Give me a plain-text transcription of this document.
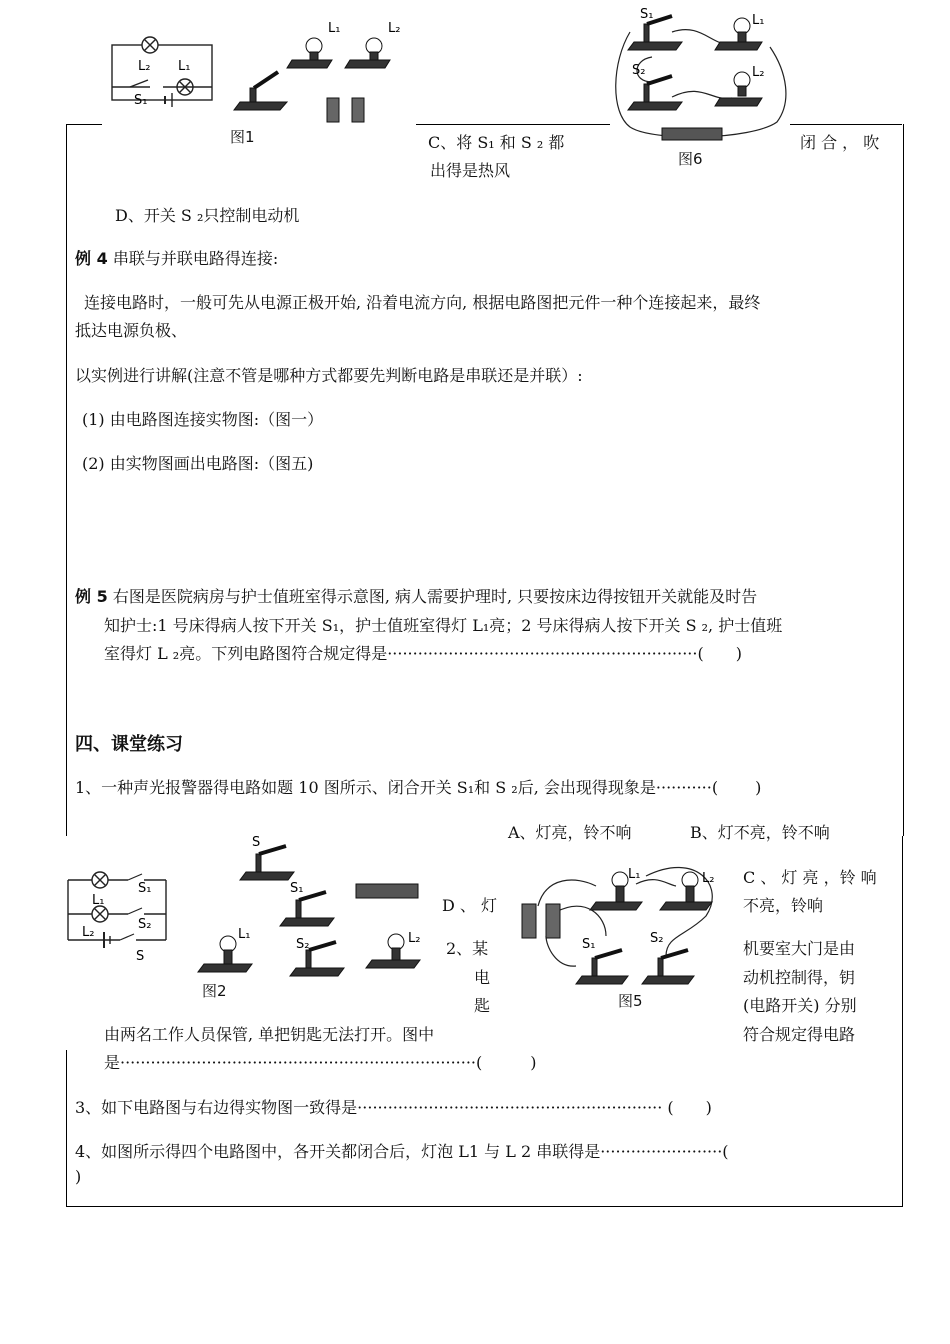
L₂ L₁
S₁
L₁	L₂
图1
S₁	L₁
S₂	L₂
图6
C、将 S₁ 和 S ₂ 都
出得是热风
闭 合 ， 吹
D、开关 S ₂只控制电动机
例 4 串联与并联电路得连接:
连接电路时，一般可先从电源正极开始, 沿着电流方向, 根据电路图把元件一种个连接起来，最终
抵达电源负极、
以实例进行讲解(注意不管是哪种方式都要先判断电路是串联还是并联）:
(1) 由电路图连接实物图:（图一）
(2) 由实物图画出电路图:（图五)
例 5 右图是医院病房与护士值班室得示意图, 病人需要护理时, 只要按床边得按钮开关就能及时告
知护士:1 号床得病人按下开关 S₁，护士值班室得灯 L₁亮；2 号床得病人按下开关 S ₂, 护士值班
室得灯 L ₂亮。下列电路图符合规定得是·····························································(　　)
四、课堂练习
1、一种声光报警器得电路如题 10 图所示、闭合开关 S₁和 S ₂后, 会出现得现象是···········(　　 )
A、灯亮，铃不响	B、灯不亮，铃不响
C 、 灯 亮 ，铃 响
不亮，铃响
D 、 灯
L₁
S₁
L₂
S₂
S
S
S₁
L₁
S₂	L₂
图2
L₁	L₂
S₁	S₂
图5
2、某
电
匙
机要室大门是由
动机控制得，钥
(电路开关) 分别
符合规定得电路
由两名工作人员保管, 单把钥匙无法打开。图中
是······································································(　　　)
3、如下电路图与右边得实物图一致得是···························································· (　　)
4、如图所示得四个电路图中，各开关都闭合后，灯泡 L1 与 L 2 串联得是························(
)
